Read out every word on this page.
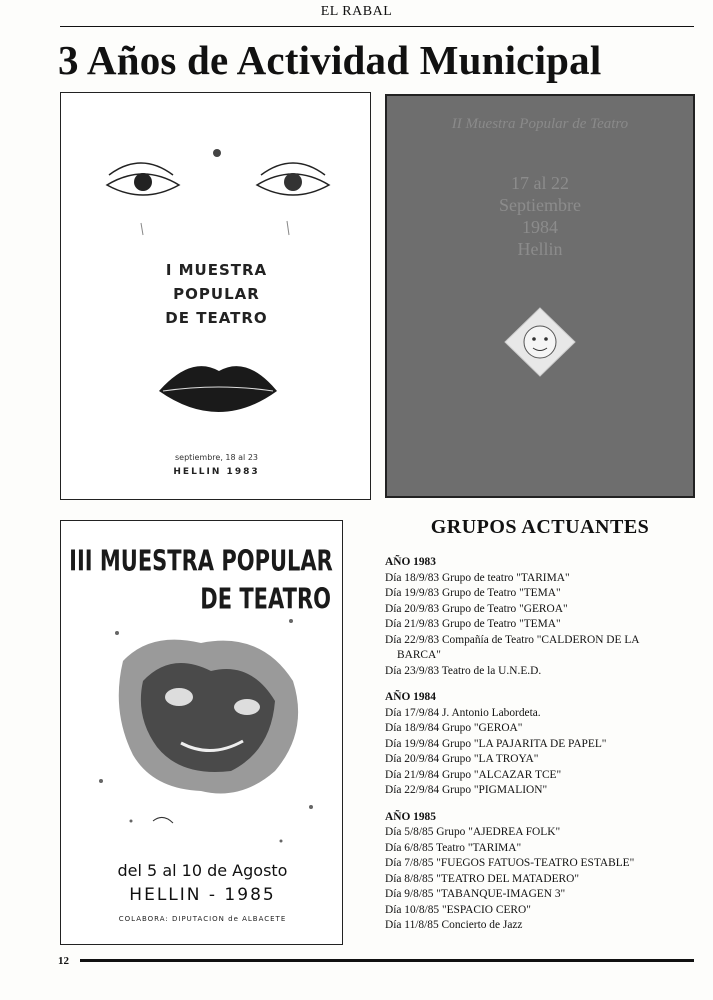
EL RABAL
3 Años de Actividad Municipal
I MUESTRA
POPULAR
DE TEATRO
septiembre, 18 al 23
HELLIN 1983
II Muestra Popular de Teatro
17 al 22
Septiembre
1984
Hellin
III MUESTRA POPULAR
DE TEATRO
del 5 al 10 de Agosto
HELLIN - 1985
COLABORA: DIPUTACION de ALBACETE
GRUPOS ACTUANTES
AÑO 1983
Día 18/9/83 Grupo de teatro "TARIMA"
Día 19/9/83 Grupo de Teatro "TEMA"
Día 20/9/83 Grupo de Teatro "GEROA"
Día 21/9/83 Grupo de Teatro "TEMA"
Día 22/9/83 Compañía de Teatro "CALDERON DE LA
BARCA"
Día 23/9/83 Teatro de la U.N.E.D.
AÑO 1984
Día 17/9/84 J. Antonio Labordeta.
Día 18/9/84 Grupo "GEROA"
Día 19/9/84 Grupo "LA PAJARITA DE PAPEL"
Día 20/9/84 Grupo "LA TROYA"
Día 21/9/84 Grupo "ALCAZAR TCE"
Día 22/9/84 Grupo "PIGMALION"
AÑO 1985
Día 5/8/85 Grupo "AJEDREA FOLK"
Día 6/8/85 Teatro "TARIMA"
Día 7/8/85 "FUEGOS FATUOS-TEATRO ESTABLE"
Día 8/8/85 "TEATRO DEL MATADERO"
Día 9/8/85 "TABANQUE-IMAGEN 3"
Día 10/8/85 "ESPACIO CERO"
Día 11/8/85 Concierto de Jazz
12
